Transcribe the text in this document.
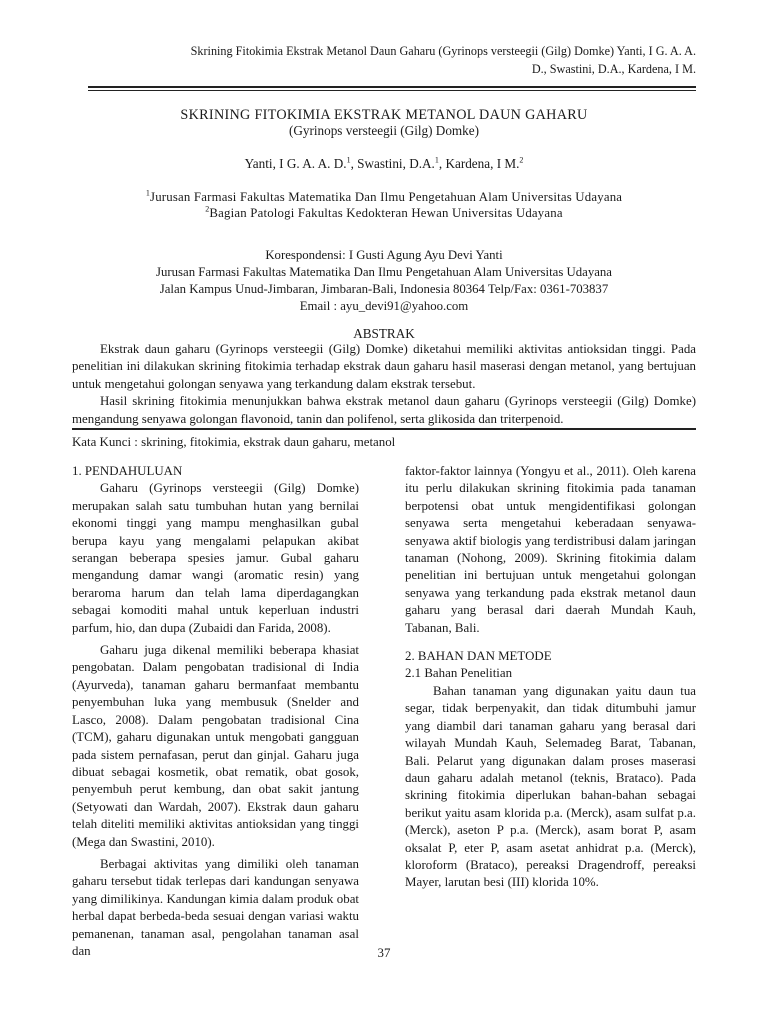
Skrining Fitokimia Ekstrak Metanol Daun Gaharu (Gyrinops versteegii (Gilg) Domke) Yanti, I G. A. A.
D., Swastini, D.A., Kardena, I M.
SKRINING FITOKIMIA EKSTRAK METANOL DAUN GAHARU
(Gyrinops versteegii (Gilg) Domke)
Yanti, I G. A. A. D.$^1$, Swastini, D.A.$^1$, Kardena, I M.$^2$
$^1$Jurusan Farmasi Fakultas Matematika Dan Ilmu Pengetahuan Alam Universitas Udayana
$^2$Bagian Patologi Fakultas Kedokteran Hewan Universitas Udayana
Korespondensi: I Gusti Agung Ayu Devi Yanti
Jurusan Farmasi Fakultas Matematika Dan Ilmu Pengetahuan Alam Universitas Udayana
Jalan Kampus Unud-Jimbaran, Jimbaran-Bali, Indonesia 80364 Telp/Fax: 0361-703837
Email : ayu_devi91@yahoo.com
ABSTRAK

Ekstrak daun gaharu (Gyrinops versteegii (Gilg) Domke) diketahui memiliki aktivitas antioksidan tinggi. Pada penelitian ini dilakukan skrining fitokimia terhadap ekstrak daun gaharu hasil maserasi dengan metanol, yang bertujuan untuk mengetahui golongan senyawa yang terkandung dalam ekstrak tersebut.

Hasil skrining fitokimia menunjukkan bahwa ekstrak metanol daun gaharu (Gyrinops versteegii (Gilg) Domke) mengandung senyawa golongan flavonoid, tanin dan polifenol, serta glikosida dan triterpenoid.

Kata Kunci : skrining, fitokimia, ekstrak daun gaharu, metanol

1. PENDAHULUAN

Gaharu (Gyrinops versteegii (Gilg) Domke) merupakan salah satu tumbuhan hutan yang bernilai ekonomi tinggi yang mampu menghasilkan gubal berupa kayu yang mengalami pelapukan akibat serangan beberapa spesies jamur. Gubal gaharu mengandung damar wangi (aromatic resin) yang beraroma harum dan telah lama diperdagangkan sebagai komoditi mahal untuk keperluan industri parfum, hio, dan dupa (Zubaidi dan Farida, 2008).

Gaharu juga dikenal memiliki beberapa khasiat pengobatan. Dalam pengobatan tradisional di India (Ayurveda), tanaman gaharu bermanfaat membantu penyembuhan luka yang membusuk (Snelder and Lasco, 2008). Dalam pengobatan tradisional Cina (TCM), gaharu digunakan untuk mengobati gangguan pada sistem pernafasan, perut dan ginjal. Gaharu juga dibuat sebagai kosmetik, obat rematik, obat gosok, penyembuh perut kembung, dan obat sakit jantung (Setyowati dan Wardah, 2007). Ekstrak daun gaharu telah diteliti memiliki aktivitas antioksidan yang tinggi (Mega dan Swastini, 2010).

Berbagai aktivitas yang dimiliki oleh tanaman gaharu tersebut tidak terlepas dari kandungan senyawa yang dimilikinya. Kandungan kimia dalam produk obat herbal dapat berbeda-beda sesuai dengan variasi waktu pemanenan, tanaman asal, pengolahan tanaman asal dan

faktor-faktor lainnya (Yongyu et al., 2011). Oleh karena itu perlu dilakukan skrining fitokimia pada tanaman berpotensi obat untuk mengidentifikasi golongan senyawa serta mengetahui keberadaan senyawa-senyawa aktif biologis yang terdistribusi dalam jaringan tanaman (Nohong, 2009). Skrining fitokimia dalam penelitian ini bertujuan untuk mengetahui golongan senyawa yang terkandung pada ekstrak metanol daun gaharu yang berasal dari daerah Mundah Kauh, Tabanan, Bali.

2. BAHAN DAN METODE

2.1 Bahan Penelitian

Bahan tanaman yang digunakan yaitu daun tua segar, tidak berpenyakit, dan tidak ditumbuhi jamur yang diambil dari tanaman gaharu yang berasal dari wilayah Mundah Kauh, Selemadeg Barat, Tabanan, Bali. Pelarut yang digunakan dalam proses maserasi daun gaharu adalah metanol (teknis, Brataco). Pada skrining fitokimia diperlukan bahan-bahan sebagai berikut yaitu asam klorida p.a. (Merck), asam sulfat p.a. (Merck), aseton P p.a. (Merck), asam borat P, asam oksalat P, eter P, asam asetat anhidrat p.a. (Merck), kloroform (Brataco), pereaksi Dragendroff, pereaksi Mayer, larutan besi (III) klorida 10%.

37
